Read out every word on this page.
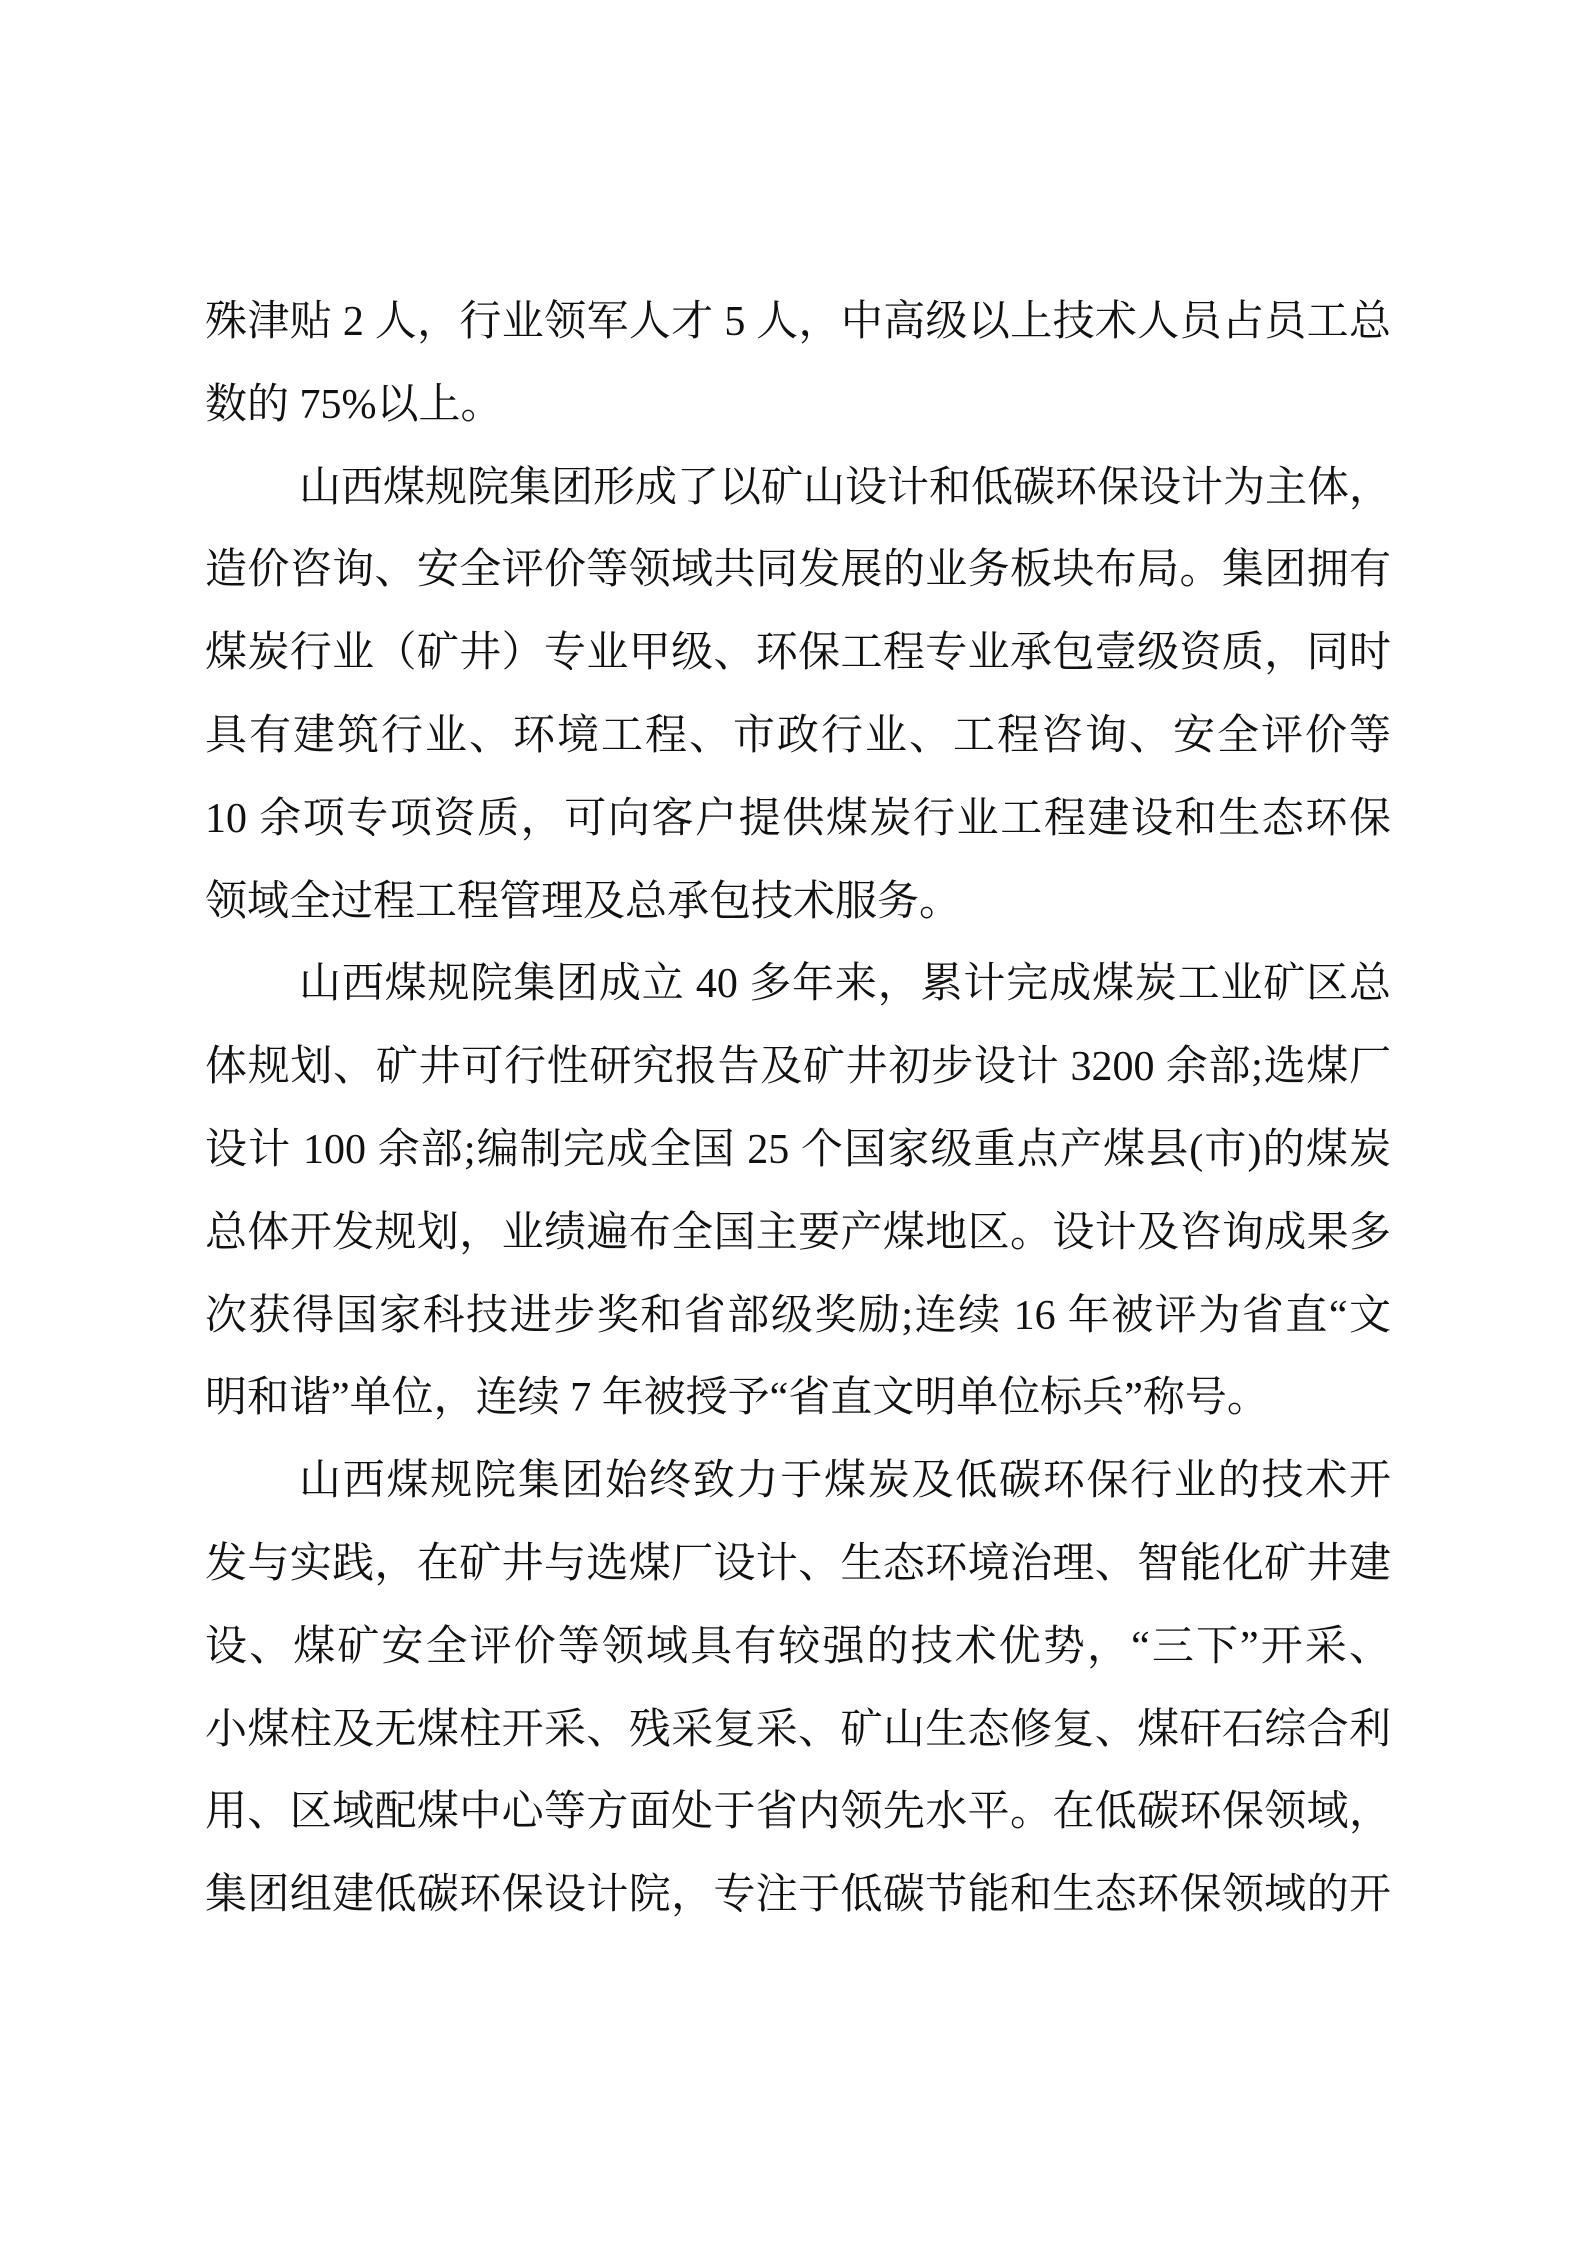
殊津贴 2 人，行业领军人才 5 人，中高级以上技术人员占员工总
数的 75%以上。
山西煤规院集团形成了以矿山设计和低碳环保设计为主体，
造价咨询、安全评价等领域共同发展的业务板块布局。集团拥有
煤炭行业（矿井）专业甲级、环保工程专业承包壹级资质，同时
具有建筑行业、环境工程、市政行业、工程咨询、安全评价等
10 余项专项资质，可向客户提供煤炭行业工程建设和生态环保
领域全过程工程管理及总承包技术服务。
山西煤规院集团成立 40 多年来，累计完成煤炭工业矿区总
体规划、矿井可行性研究报告及矿井初步设计 3200 余部;选煤厂
设计 100 余部;编制完成全国 25 个国家级重点产煤县(市)的煤炭
总体开发规划，业绩遍布全国主要产煤地区。设计及咨询成果多
次获得国家科技进步奖和省部级奖励;连续 16 年被评为省直“文
明和谐”单位，连续 7 年被授予“省直文明单位标兵”称号。
山西煤规院集团始终致力于煤炭及低碳环保行业的技术开
发与实践，在矿井与选煤厂设计、生态环境治理、智能化矿井建
设、煤矿安全评价等领域具有较强的技术优势，“三下”开采、
小煤柱及无煤柱开采、残采复采、矿山生态修复、煤矸石综合利
用、区域配煤中心等方面处于省内领先水平。在低碳环保领域，
集团组建低碳环保设计院，专注于低碳节能和生态环保领域的开
